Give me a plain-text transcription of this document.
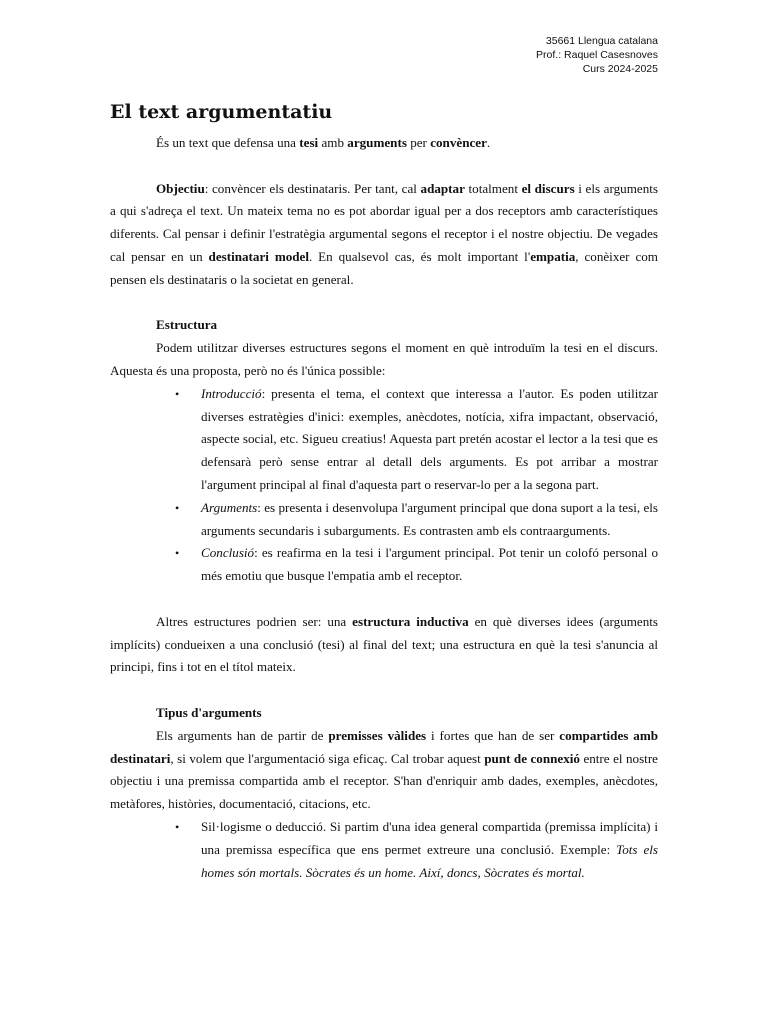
35661 Llengua catalana
Prof.: Raquel Casesnoves
Curs 2024-2025
El text argumentatiu

És un text que defensa una tesi amb arguments per convèncer.

Objectiu: convèncer els destinataris. Per tant, cal adaptar totalment el discurs i els arguments a qui s'adreça el text. Un mateix tema no es pot abordar igual per a dos receptors amb característiques diferents. Cal pensar i definir l'estratègia argumental segons el receptor i el nostre objectiu. De vegades cal pensar en un destinatari model. En qualsevol cas, és molt important l'empatia, conèixer com pensen els destinataris o la societat en general.

Estructura

Podem utilitzar diverses estructures segons el moment en què introduïm la tesi en el discurs. Aquesta és una proposta, però no és l'única possible:

• Introducció: presenta el tema, el context que interessa a l'autor. Es poden utilitzar diverses estratègies d'inici: exemples, anècdotes, notícia, xifra impactant, observació, aspecte social, etc. Sigueu creatius! Aquesta part pretén acostar el lector a la tesi que es defensarà però sense entrar al detall dels arguments. Es pot arribar a mostrar l'argument principal al final d'aquesta part o reservar-lo per a la segona part.
• Arguments: es presenta i desenvolupa l'argument principal que dona suport a la tesi, els arguments secundaris i subarguments. Es contrasten amb els contraarguments.
• Conclusió: es reafirma en la tesi i l'argument principal. Pot tenir un colofó personal o més emotiu que busque l'empatia amb el receptor.

Altres estructures podrien ser: una estructura inductiva en què diverses idees (arguments implícits) condueixen a una conclusió (tesi) al final del text; una estructura en què la tesi s'anuncia al principi, fins i tot en el títol mateix.

Tipus d'arguments

Els arguments han de partir de premisses vàlides i fortes que han de ser compartides amb destinatari, si volem que l'argumentació siga eficaç. Cal trobar aquest punt de connexió entre el nostre objectiu i una premissa compartida amb el receptor. S'han d'enriquir amb dades, exemples, anècdotes, metàfores, històries, documentació, citacions, etc.

• Sil·logisme o deducció. Si partim d'una idea general compartida (premissa implícita) i una premissa específica que ens permet extreure una conclusió. Exemple: Tots els homes són mortals. Sòcrates és un home. Així, doncs, Sòcrates és mortal.
